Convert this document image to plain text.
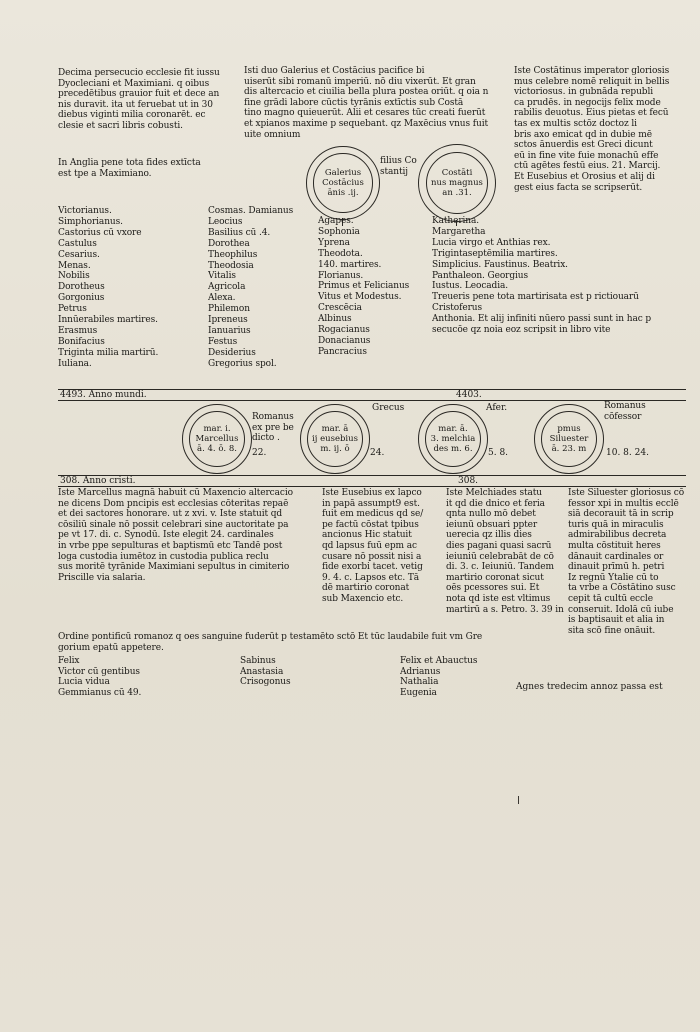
Decima persecucio ecclesie fit iussu
Dyocleciani et Maximiani. q oibus
precedētibus grauior fuit et dece an
nis duravit. ita ut feruebat ut in 30
diebus viginti milia coronarēt. ec
clesie et sacri libris cobusti.
In Anglia pene tota fides extīcta
est tpe a Maximiano.
Isti duo Galerius et Costācius pacifice bi
uiserūt sibi romanū imperiū. nō diu vixerūt. Et gran
dis altercacio et ciuilia bella plura postea oriūt. q oia n
fine grādi labore cūctis tyrānis extīctis sub Costā
tino magno quieuerūt. Alii et cesares tūc creati fuerūt
et xpianos maxime p sequebant. qz Maxēcius vnus fuit
uite omnium
Iste Costātinus imperator gloriosis
mus celebre nomē reliquit in bellis
victoriosus. in gubnāda republi
ca prudēs. in negocijs felix mode
rabilis deuotus. Eius pietas et fecū
tas ex multis sctōz doctoz li
bris axo emicat qd in dubie mē
sctos ānuerdis est Greci dicunt
eū in fine vite fuie monachū effe
ctū agētes festū eius. 21. Marcij.
Et Eusebius et Orosius et alij di
gest eius facta se scripserūt.
Galerius
Costācius
ānis .ij.
filius Co
stantij	Costāti
nus magnus
an .31.
Victorianus.
Simphorianus.
Castorius cū vxore
Castulus
Cesarius.
Menas.
Nobilis
Dorotheus
Gorgonius
Petrus
Innūerabiles martires.
Erasmus
Bonifacius
Triginta milia martirū.
Iuliana.
Cosmas. Damianus
Leocius
Basilius cū .4.
Dorothea
Theophilus
Theodosia
Vitalis
Agricola
Alexa.
Philemon
Ipreneus
Ianuarius
Festus
Desiderius
Gregorius spol.
Agapes.
Sophonia
Yprena
Theodota.
140. martires.
Florianus.
Primus et Felicianus
Vitus et Modestus.
Crescēcia
Albinus
Rogacianus
Donacianus
Pancracius
Katherina.
Margaretha
Lucia virgo et Anthias rex.
Trigintaseptēmilia martires.
Simplicius. Faustinus. Beatrix.
Panthaleon. Georgius
Iustus. Leocadia.
Treueris pene tota martirisata est p rictiouarū
Cristoferus
Anthonia. Et alij infiniti nūero passi sunt in hac p
secucōe qz noia eoz scripsit in libro vite
4493. Anno mundi.	4403.
Romanus
ex pre be
dicto .
Grecus	Afer.	Romanus
cōfessor
mar. i.
Marcellus
ā. 4. ō. 8. 22.
mar. ā
ij eusebius
m. ij. ō 24.
mar. ā.
3. melchia
des m. 6. 5. 8.
pmus
Siluester
ā. 23. m 10. 8. 24.
308. Anno cristi.	308.
Iste Marcellus magnā habuit cū Maxencio altercacio
ne dicens Dom pncipis est ecclesias cōteritas repaē
et dei sactores honorare. ut z xvi. v. Iste statuit qd
cōsiliū sinale nō possit celebrari sine auctoritate pa
pe vt 17. di. c. Synodū. Iste elegit 24. cardinales
in vrbe ppe sepulturas et baptismū etc Tandē post
loga custodia iumētoz in custodia publica reclu
sus moritē tyrānide Maximiani sepultus in cimiterio
Priscille via salaria.
Iste Eusebius ex lapco
in papā assumpt9 est.
fuit em medicus qd se/
pe factū cōstat tpibus
ancionus Hic statuit
qd lapsus fuū epm ac
cusare nō possit nisi a
fide exorbi tacet. vetig
9. 4. c. Lapsos etc. Tā
dē martirio coronat
sub Maxencio etc.
Iste Melchiades statu
it qd die dnico et feria
qnta nullo mō debet
ieiunū obsuari ppter
uerecia qz illis dies
dies pagani quasi sacrū
ieiuniū celebrabāt de cō
di. 3. c. Ieiuniū. Tandem
martirio coronat sicut
oēs pcessores sui. Et
nota qd iste est vltimus
martirū a s. Petro. 3. 39 in
Iste Siluester gloriosus cō
fessor xpi in multis ecclē
siā decorauit tā in scrip
turis quā in miraculis
admirabilibus decreta
multa cōstituit heres
dānauit cardinales or
dinauit prīmū h. petri
Iz regnū Ytalie cū to
ta vrbe a Cōstātino susc
cepit tā cultū eccle
conseruit. Idolā cū iube
is baptisauit et alia in
sita scō fine onāuit.
Ordine pontificū romanoz q oes sanguine fuderūt p testamēto sctō Et tūc laudabile fuit vm Gre
gorium epatū appetere.
Felix
Victor cū gentibus
Lucia vidua
Gemmianus cū 49.
Sabinus
Anastasia
Crisogonus
Felix et Abauctus
Adrianus
Nathalia
Eugenia
Agnes tredecim annoz passa est
